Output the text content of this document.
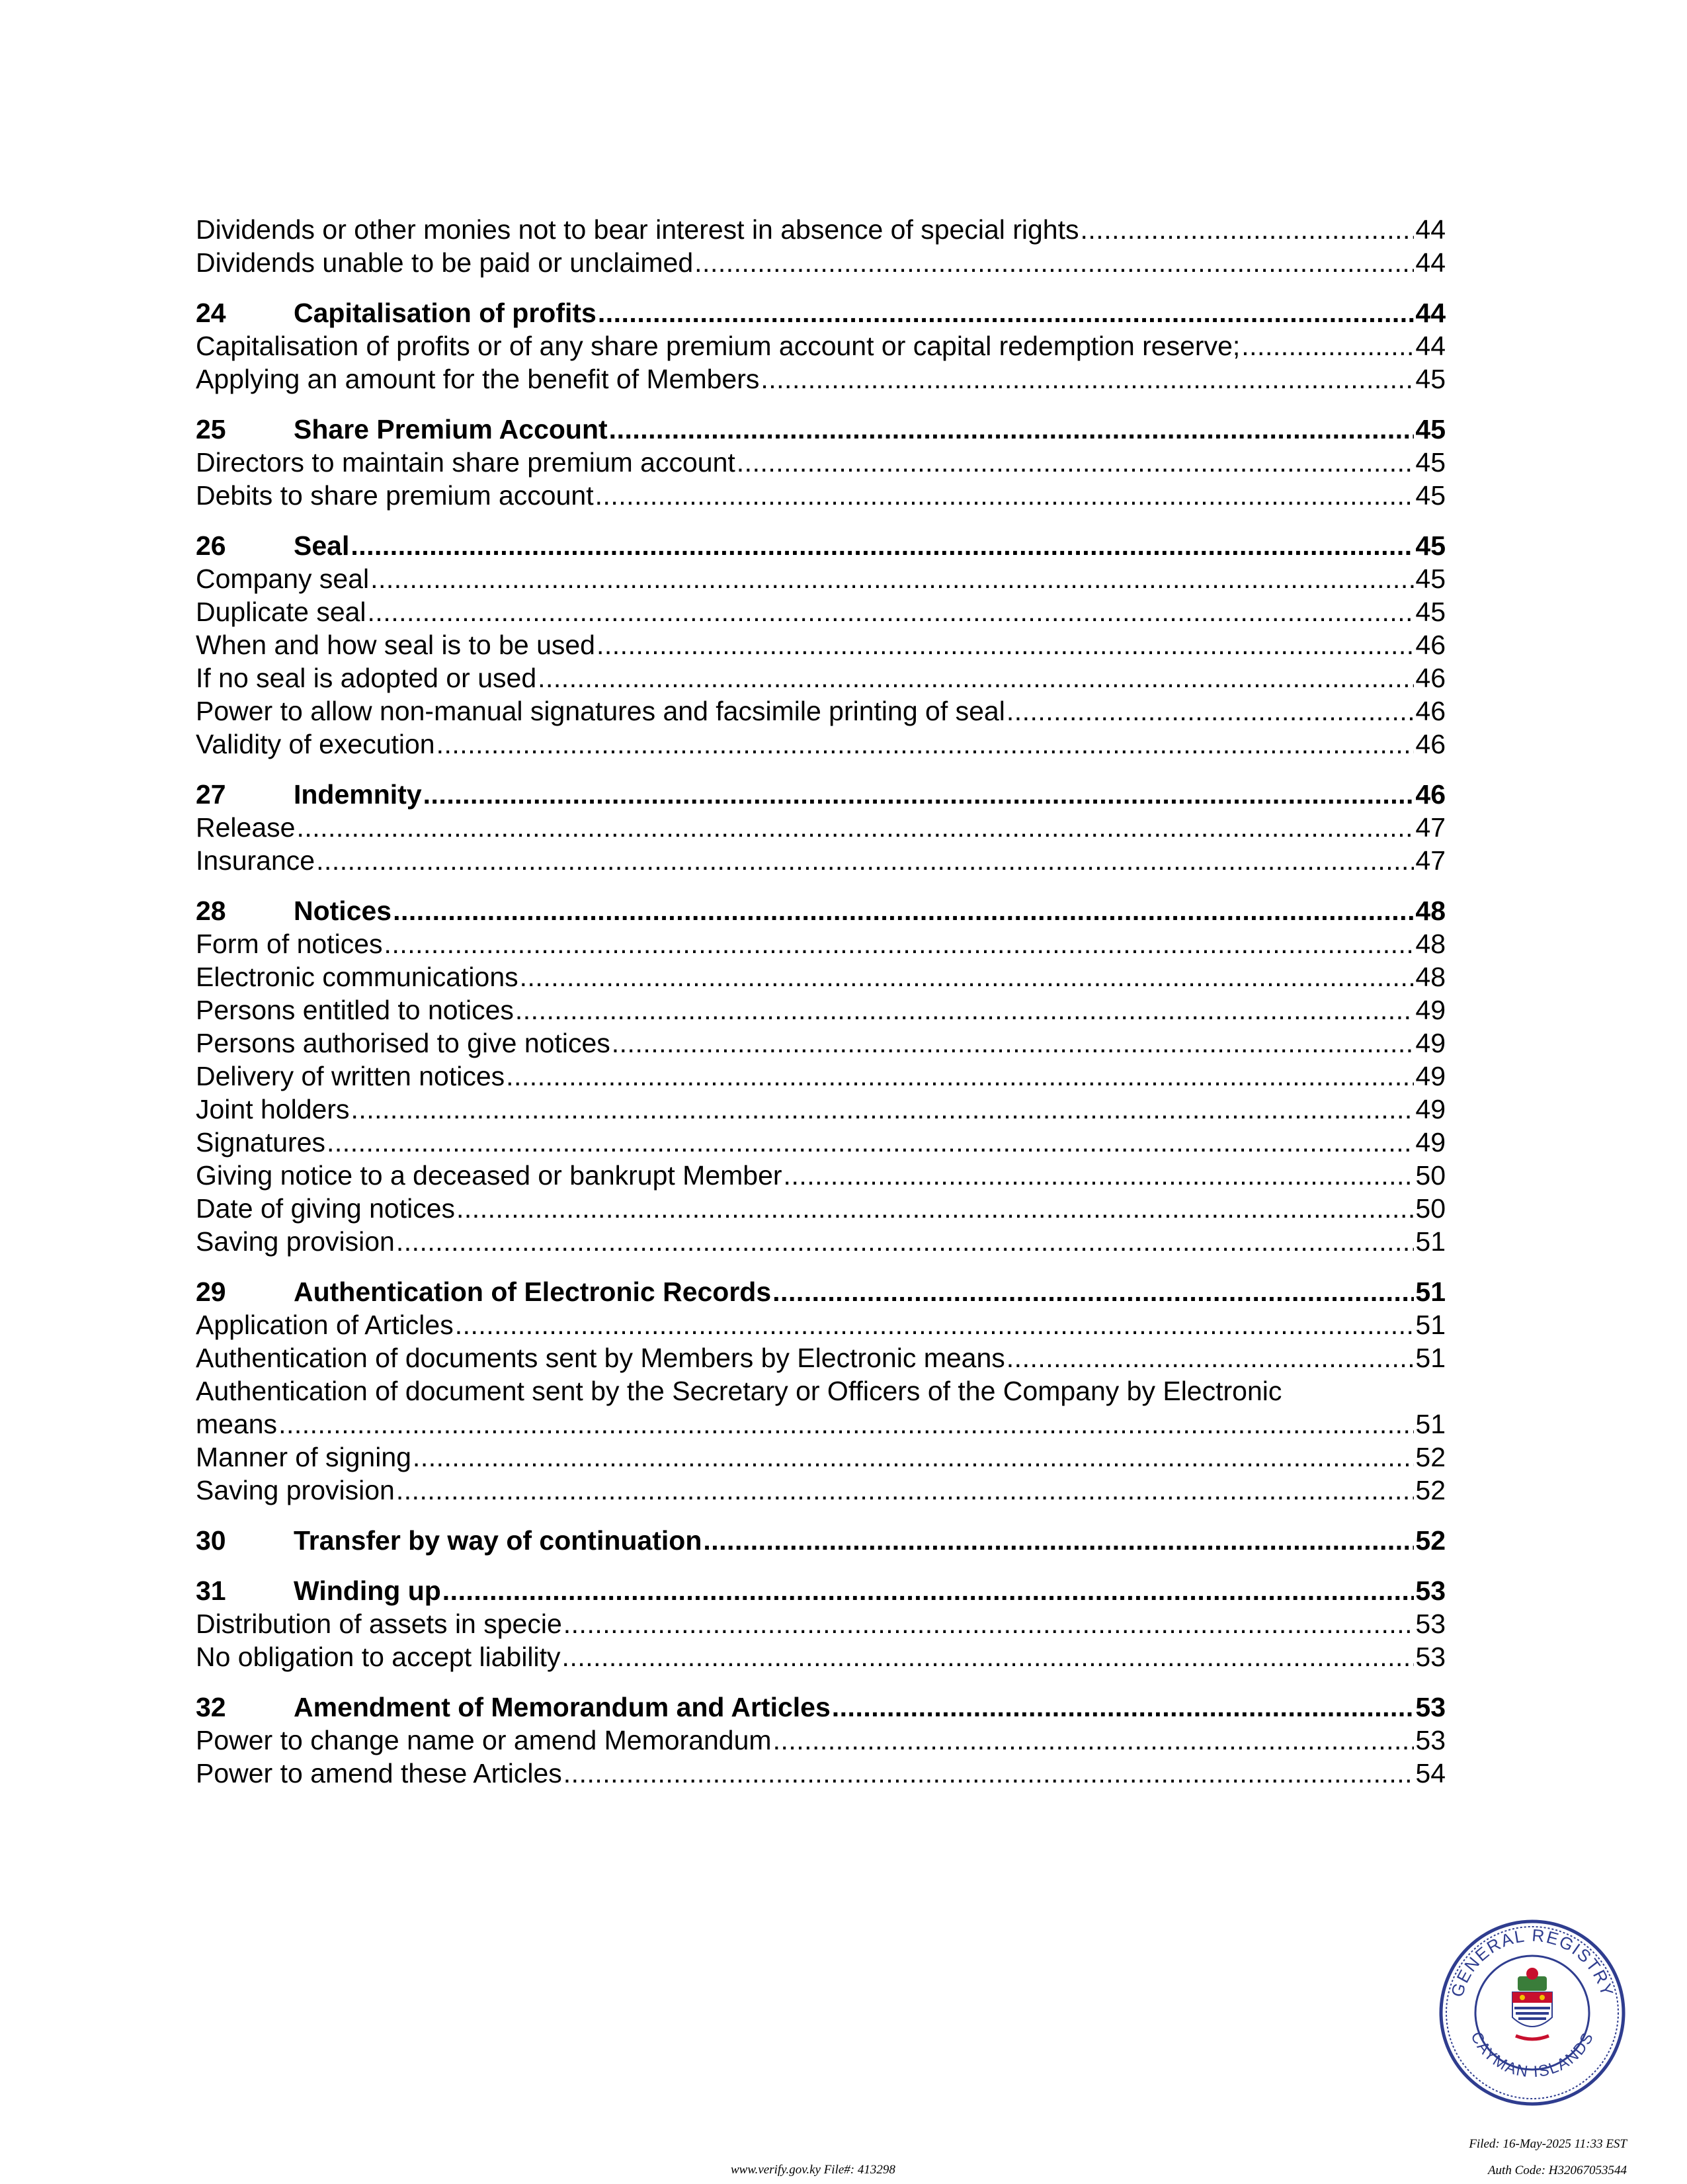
Dividends or other monies not to bear interest in absence of special rights .....	44
Dividends unable to be paid or unclaimed .....	44
24 Capitalisation of profits .....	44
Capitalisation of profits or of any share premium account or capital redemption reserve; .....	44
Applying an amount for the benefit of Members .....	45
25 Share Premium Account .....	45
Directors to maintain share premium account .....	45
Debits to share premium account .....	45
26 Seal .....	45
Company seal .....	45
Duplicate seal .....	45
When and how seal is to be used .....	46
If no seal is adopted or used .....	46
Power to allow non-manual signatures and facsimile printing of seal .....	46
Validity of execution .....	46
27 Indemnity .....	46
Release .....	47
Insurance .....	47
28 Notices .....	48
Form of notices .....	48
Electronic communications .....	48
Persons entitled to notices .....	49
Persons authorised to give notices .....	49
Delivery of written notices .....	49
Joint holders .....	49
Signatures .....	49
Giving notice to a deceased or bankrupt Member .....	50
Date of giving notices .....	50
Saving provision .....	51
29 Authentication of Electronic Records .....	51
Application of Articles .....	51
Authentication of documents sent by Members by Electronic means .....	51
Authentication of document sent by the Secretary or Officers of the Company by Electronic
means .....	51
Manner of signing .....	52
Saving provision .....	52
30 Transfer by way of continuation .....	52
31 Winding up .....	53
Distribution of assets in specie .....	53
No obligation to accept liability .....	53
32 Amendment of Memorandum and Articles .....	53
Power to change name or amend Memorandum .....	53
Power to amend these Articles .....	54
GENERAL REGISTRY
CAYMAN ISLANDS
www.verify.gov.ky File#: 413298
Filed: 16-May-2025 11:33 EST
Auth Code: H32067053544
